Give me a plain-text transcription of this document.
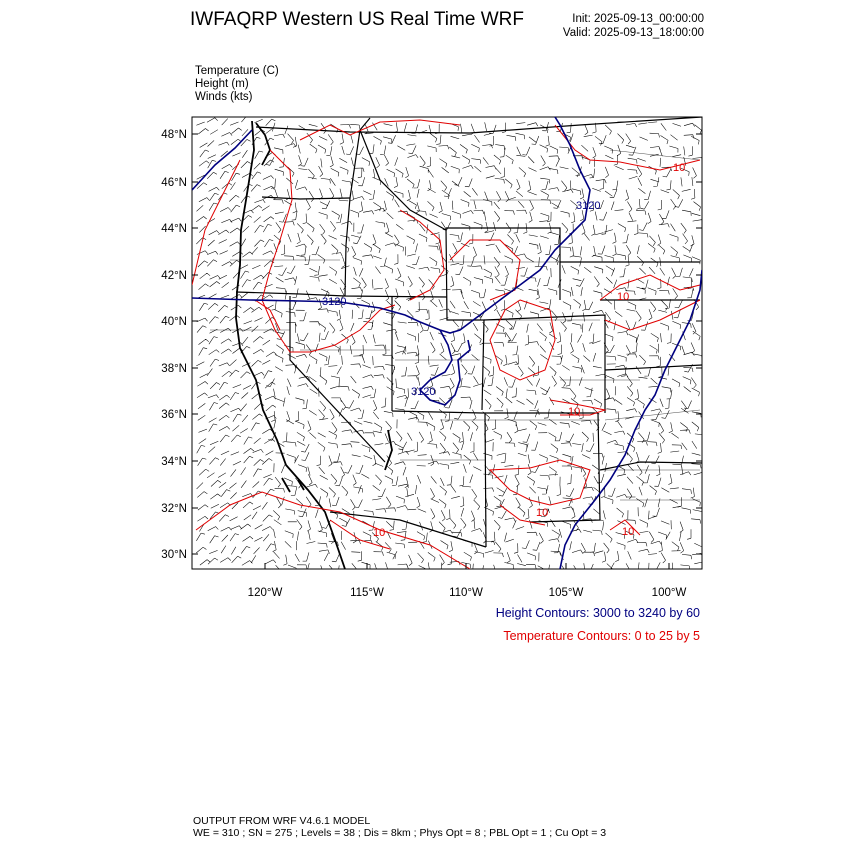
IWFAQRP Western US Real Time WRF	Init: 2025-09-13_00:00:00
Valid: 2025-09-13_18:00:00
Temperature (C)
Height (m)
Winds (kts)
3120
3120
3120
10
10
10
10
10
10
48°N
46°N
44°N
42°N
40°N
38°N
36°N
34°N
32°N
30°N
120°W	115°W	110°W	105°W	100°W
Height Contours: 3000 to 3240 by 60
Temperature Contours: 0 to 25 by 5
OUTPUT FROM WRF V4.6.1 MODEL
WE = 310 ; SN = 275 ; Levels = 38 ; Dis = 8km ; Phys Opt = 8 ; PBL Opt = 1 ; Cu Opt = 3
